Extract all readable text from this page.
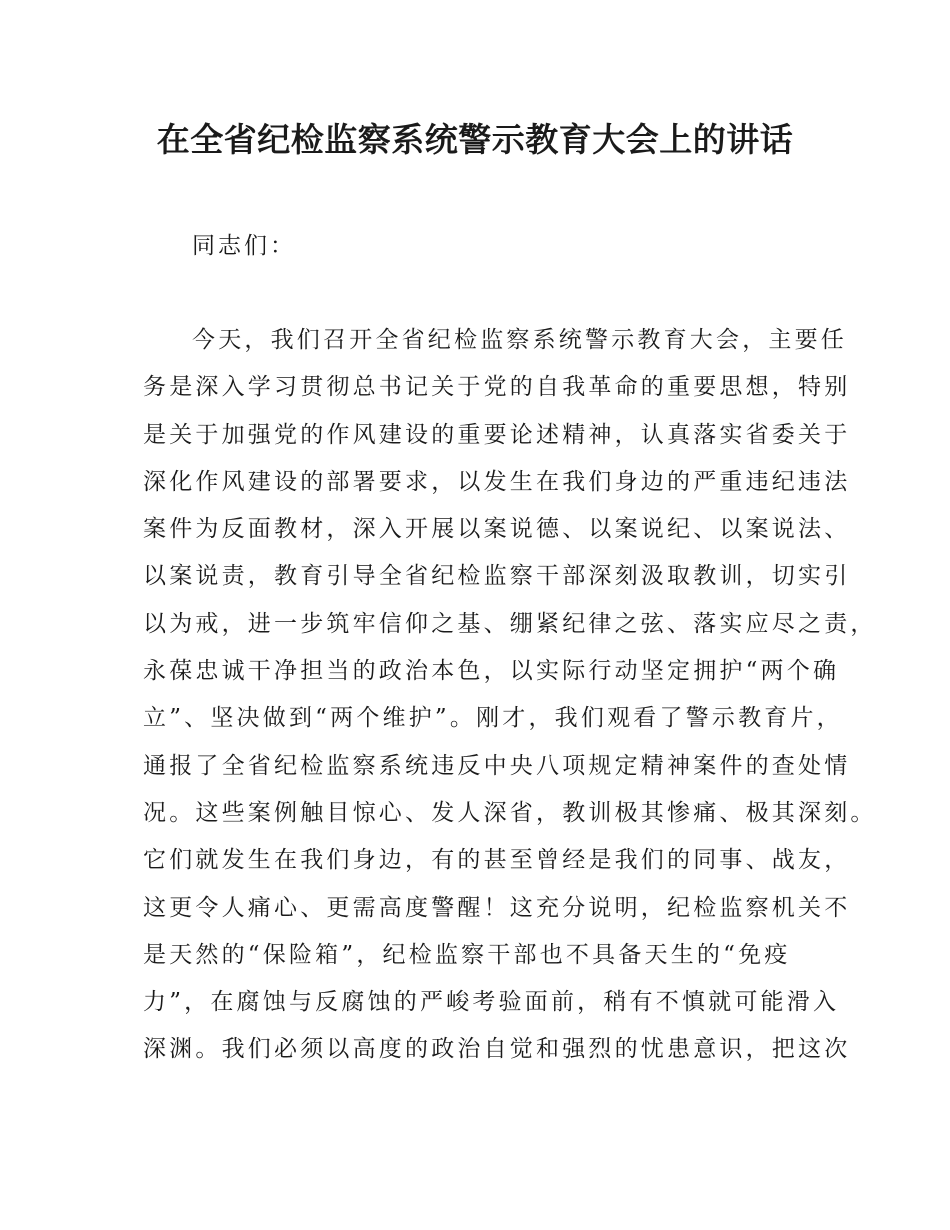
在全省纪检监察系统警示教育大会上的讲话

同志们：

今天，我们召开全省纪检监察系统警示教育大会，主要任
务是深入学习贯彻总书记关于党的自我革命的重要思想，特别
是关于加强党的作风建设的重要论述精神，认真落实省委关于
深化作风建设的部署要求，以发生在我们身边的严重违纪违法
案件为反面教材，深入开展以案说德、以案说纪、以案说法、
以案说责，教育引导全省纪检监察干部深刻汲取教训，切实引
以为戒，进一步筑牢信仰之基、绷紧纪律之弦、落实应尽之责，
永葆忠诚干净担当的政治本色，以实际行动坚定拥护“两个确
立”、坚决做到“两个维护”。刚才，我们观看了警示教育片，
通报了全省纪检监察系统违反中央八项规定精神案件的查处情
况。这些案例触目惊心、发人深省，教训极其惨痛、极其深刻。
它们就发生在我们身边，有的甚至曾经是我们的同事、战友，
这更令人痛心、更需高度警醒！这充分说明，纪检监察机关不
是天然的“保险箱”，纪检监察干部也不具备天生的“免疫
力”，在腐蚀与反腐蚀的严峻考验面前，稍有不慎就可能滑入
深渊。我们必须以高度的政治自觉和强烈的忧患意识，把这次
